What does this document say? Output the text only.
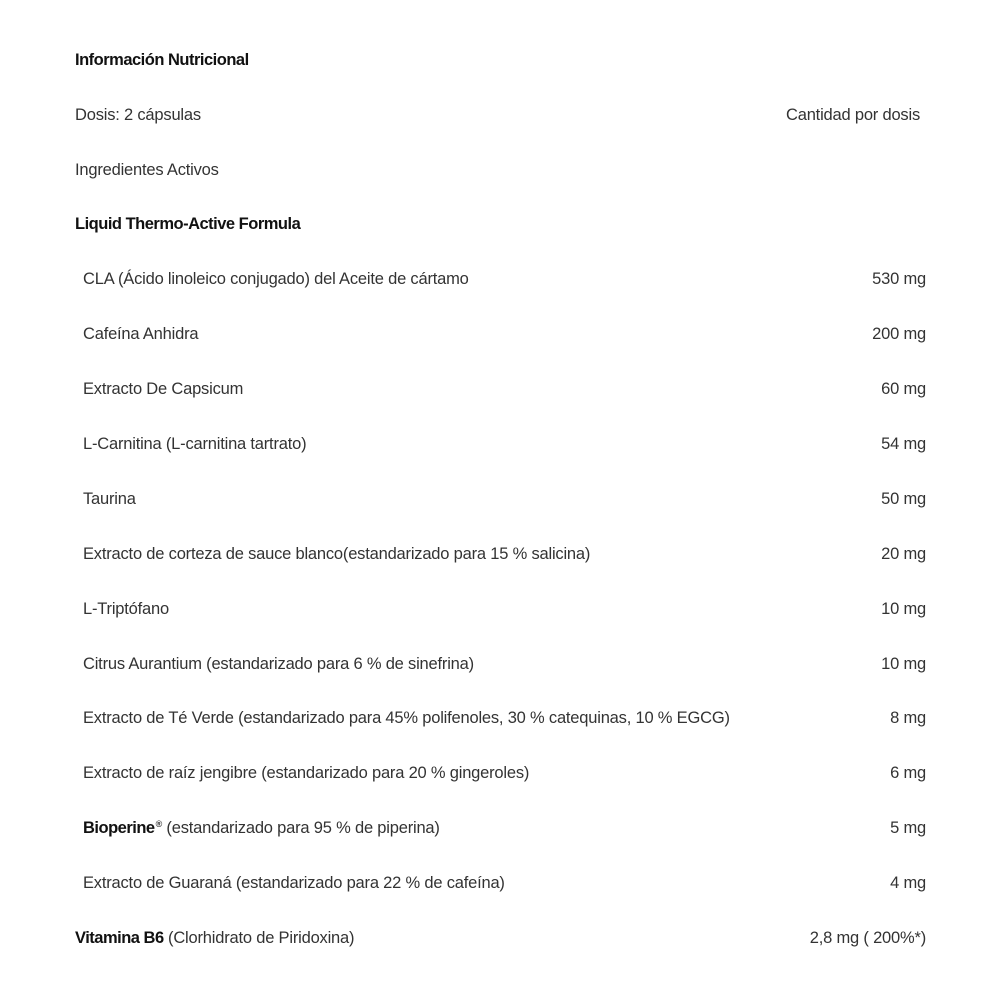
Información Nutricional
Dosis: 2 cápsulas	Cantidad por dosis
Ingredientes Activos
Liquid Thermo-Active Formula
CLA (Ácido linoleico conjugado) del Aceite de cártamo	530 mg
Cafeína Anhidra	200 mg
Extracto De Capsicum	60 mg
L-Carnitina (L-carnitina tartrato)	54 mg
Taurina	50 mg
Extracto de corteza de sauce blanco(estandarizado para 15 % salicina)	20 mg
L-Triptófano	10 mg
Citrus Aurantium (estandarizado para 6 % de sinefrina)	10 mg
Extracto de Té Verde (estandarizado para 45% polifenoles, 30 % catequinas, 10 % EGCG)	8 mg
Extracto de raíz jengibre (estandarizado para 20 % gingeroles)	6 mg
Bioperine® (estandarizado para 95 % de piperina)	5 mg
Extracto de Guaraná (estandarizado para 22 % de cafeína)	4 mg
Vitamina B6 (Clorhidrato de Piridoxina)	2,8 mg ( 200%*)
